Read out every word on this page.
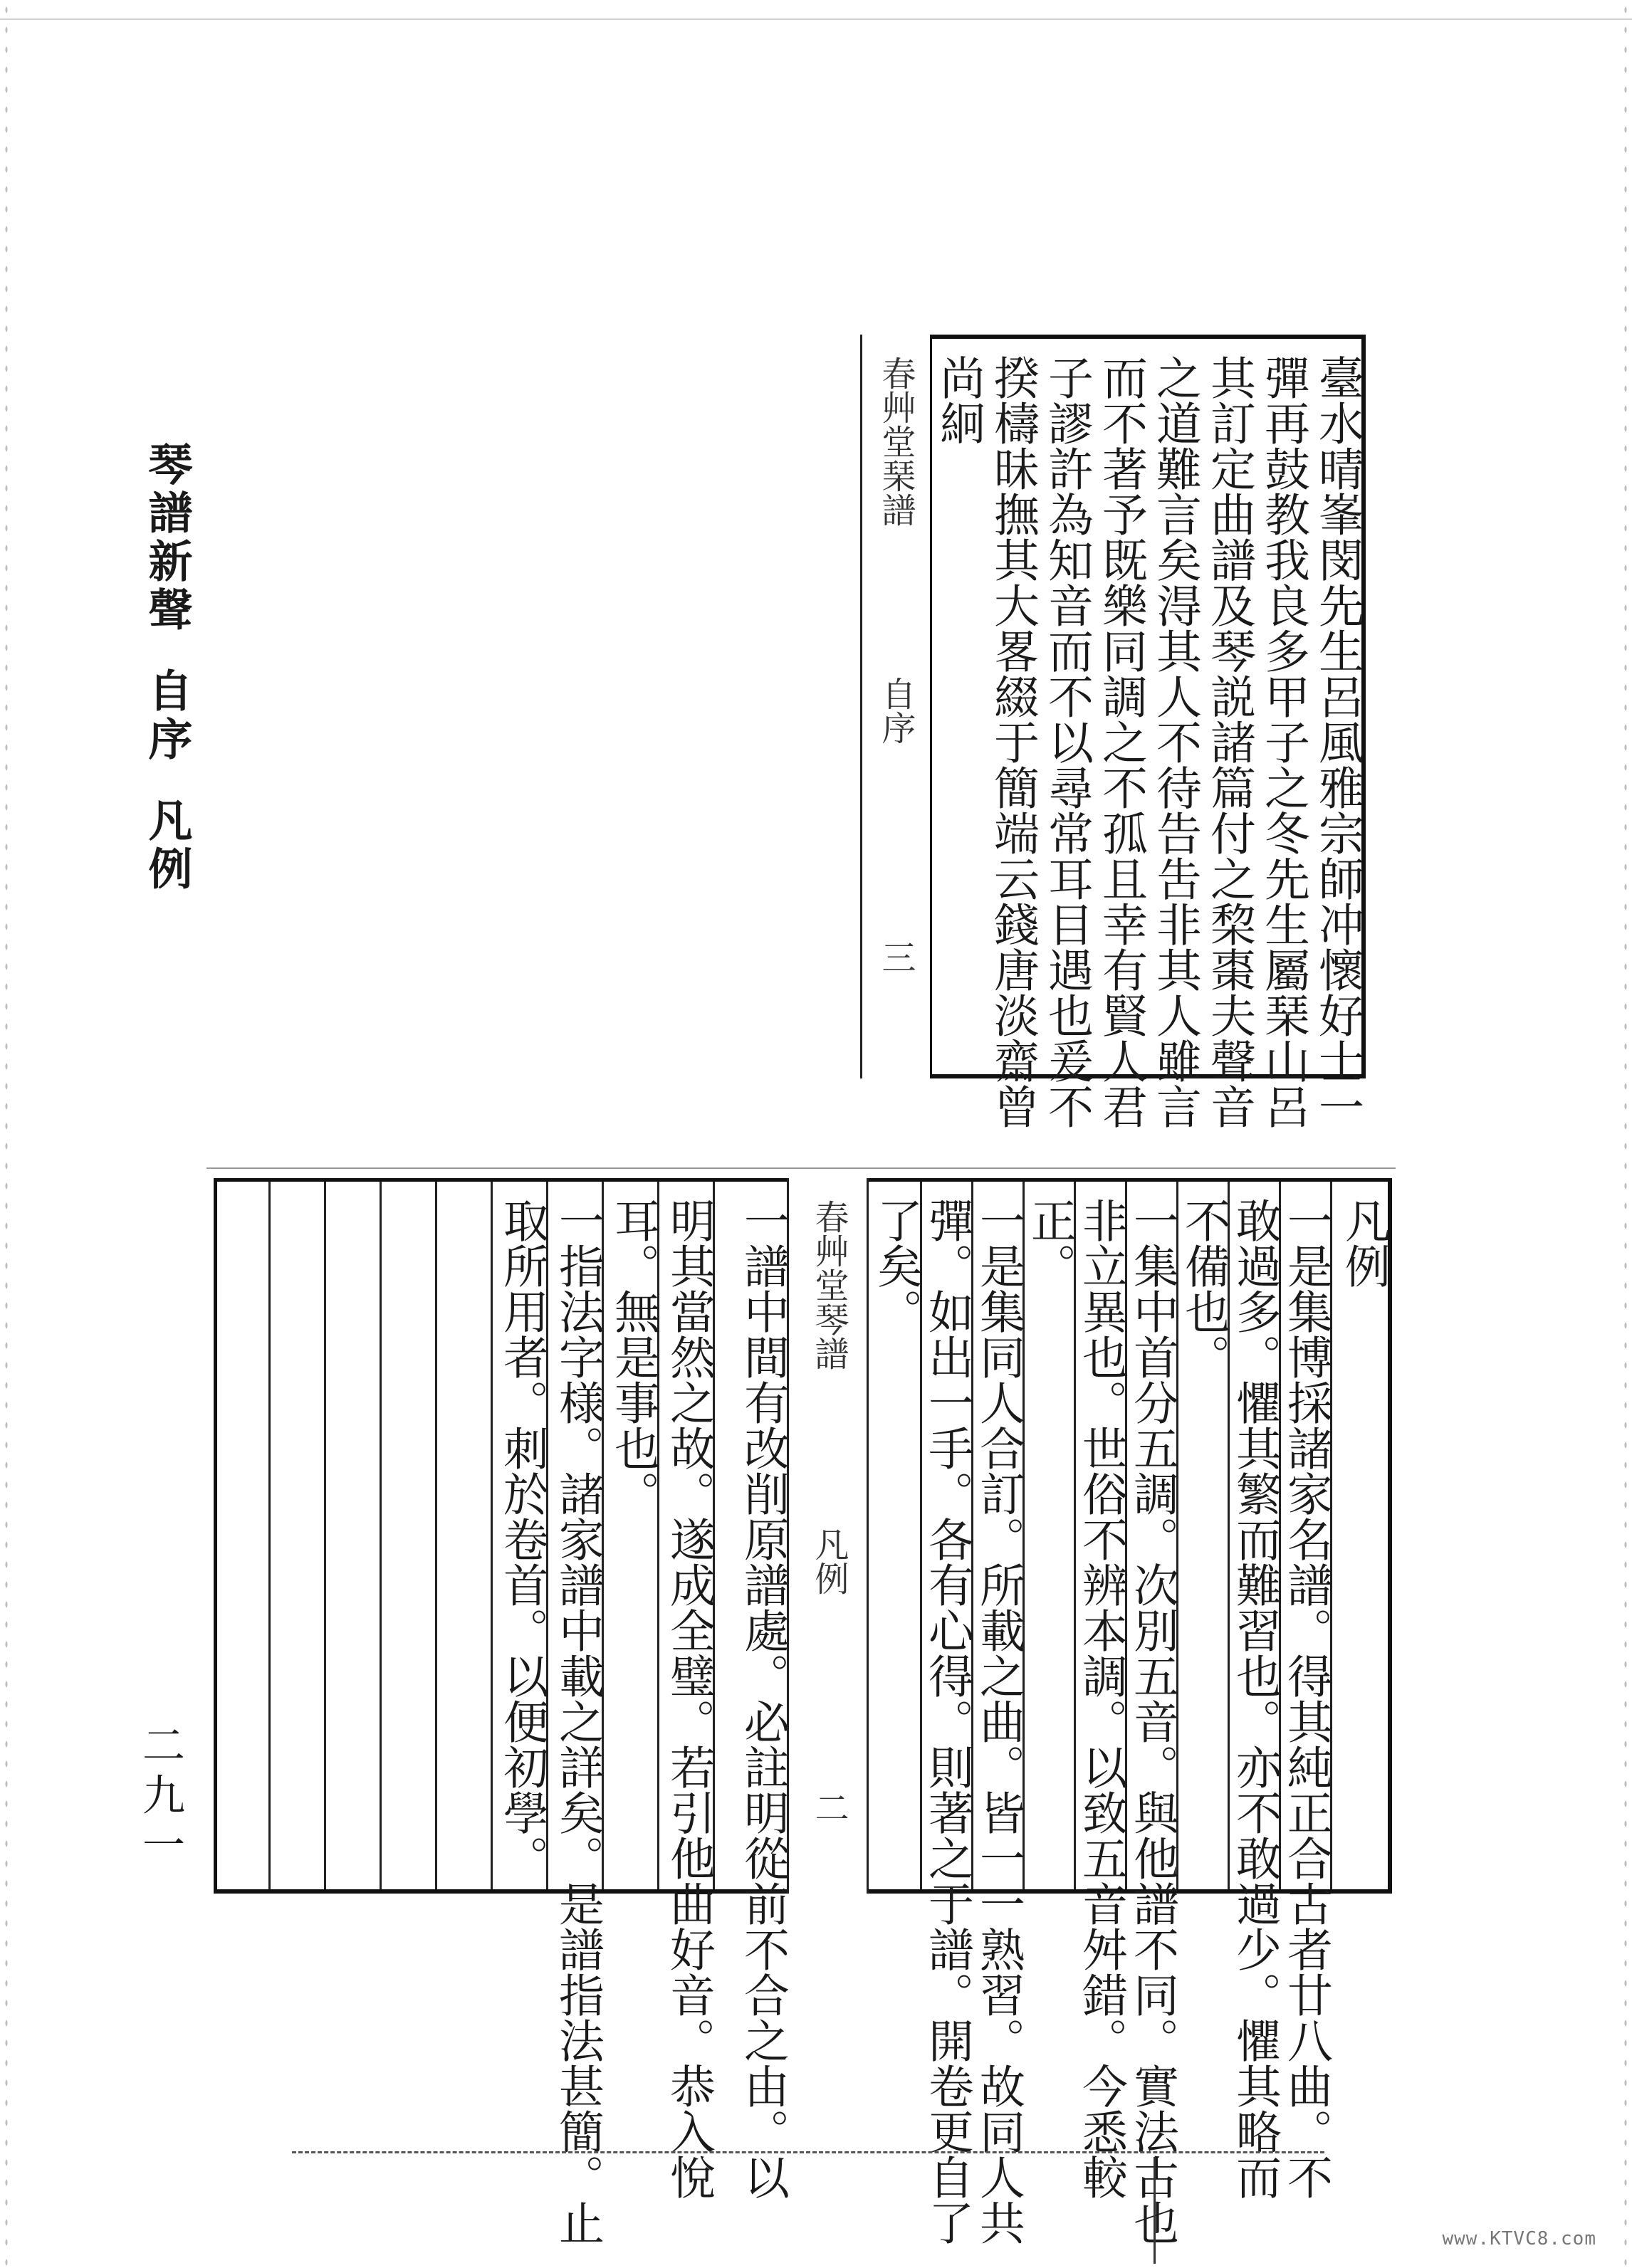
琴譜新聲自序凡例
二九一
春艸堂琹譜
自序
三	臺水晴峯閔先生呂風雅宗師冲懷好士一
彈再鼓教我良多甲子之冬先生屬琹山呂
其訂定曲譜及琴説諸篇付之棃棗夫聲音
之道難言矣淂其人不待告吿非其人雖言
而不著予既樂同調之不孤且幸有賢人君
子謬許為知音而不以尋常耳目遇也爰不
揆檮昧撫其大畧綴于簡端云錢唐淡齋曾
尚絅
一譜中間有改削原譜處。必註明從前不合之由。以
明其當然之故。遂成全璧。若引他曲好音。恭入悅
耳。無是事也。
一指法字様。諸家譜中載之詳矣。是譜指法甚簡。止
取所用者。刺於卷首。以便初學。	春艸堂琴譜
凡例
二
凡例
一是集博採諸家名譜。得其純正合古者廿八曲。不
敢過多。懼其繁而難習也。亦不敢過少。懼其略而
不備也。
一集中首分五調。次別五音。與他譜不同。實法古也
非立異也。世俗不辨本調。以致五音舛錯。今悉較
正。
一是集同人合訂。所載之曲。皆一一熟習。故同人共
彈。如出一手。各有心得。則著之于譜。開卷更自了
了矣。
www.KTVC8.com
